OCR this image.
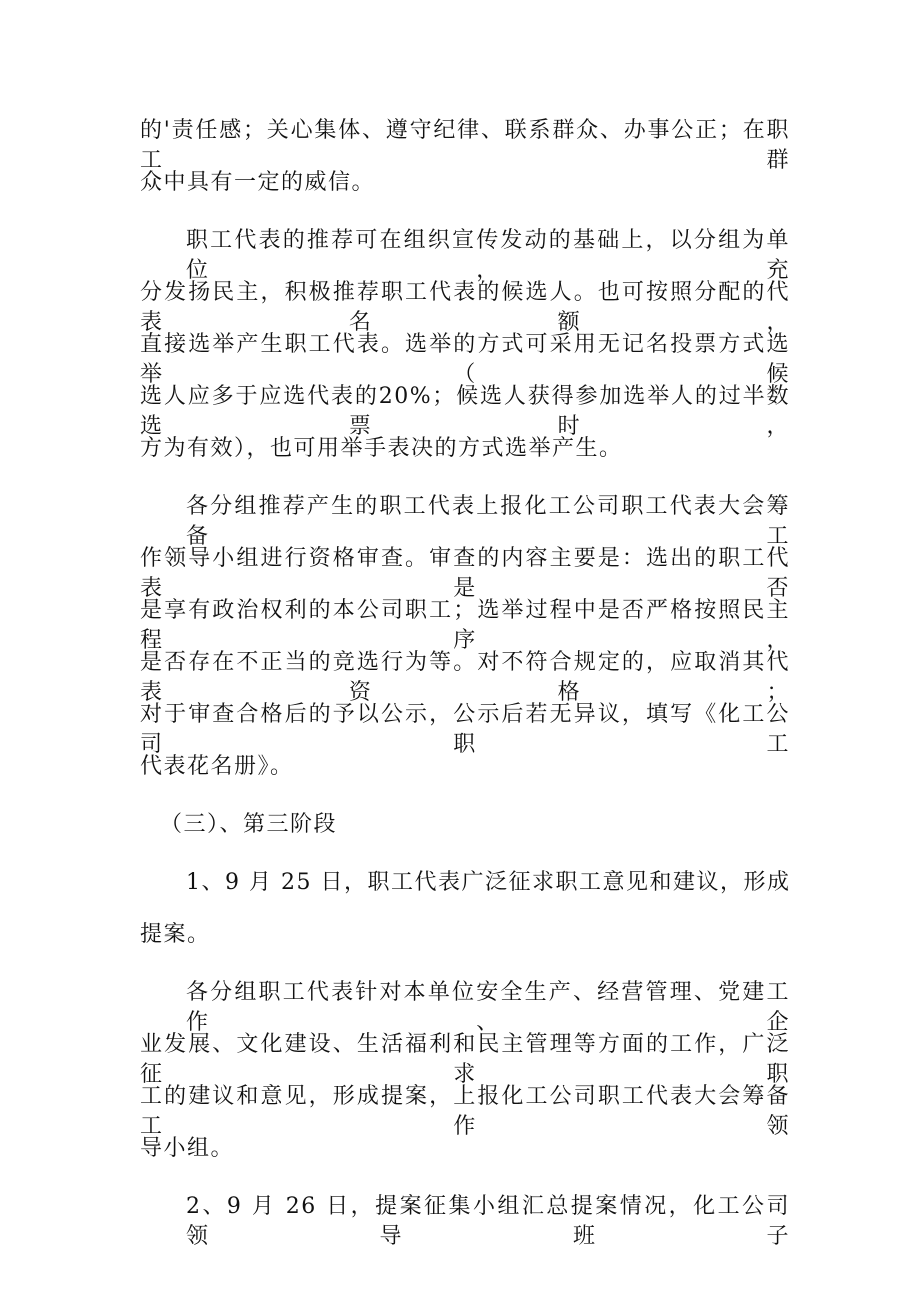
的'责任感；关心集体、遵守纪律、联系群众、办事公正；在职工群
众中具有一定的威信。
职工代表的推荐可在组织宣传发动的基础上，以分组为单位，充
分发扬民主，积极推荐职工代表的候选人。也可按照分配的代表名额，
直接选举产生职工代表。选举的方式可采用无记名投票方式选举（候
选人应多于应选代表的20%；候选人获得参加选举人的过半数选票时，
方为有效），也可用举手表决的方式选举产生。
各分组推荐产生的职工代表上报化工公司职工代表大会筹备工
作领导小组进行资格审查。审查的内容主要是：选出的职工代表是否
是享有政治权利的本公司职工；选举过程中是否严格按照民主程序，
是否存在不正当的竞选行为等。对不符合规定的，应取消其代表资格；
对于审查合格后的予以公示，公示后若无异议，填写《化工公司职工
代表花名册》。
（三）、第三阶段
1、9 月 25 日，职工代表广泛征求职工意见和建议，形成
提案。
各分组职工代表针对本单位安全生产、经营管理、党建工作、企
业发展、文化建设、生活福利和民主管理等方面的工作，广泛征求职
工的建议和意见，形成提案，上报化工公司职工代表大会筹备工作领
导小组。
2、9 月 26 日，提案征集小组汇总提案情况，化工公司领导班子
